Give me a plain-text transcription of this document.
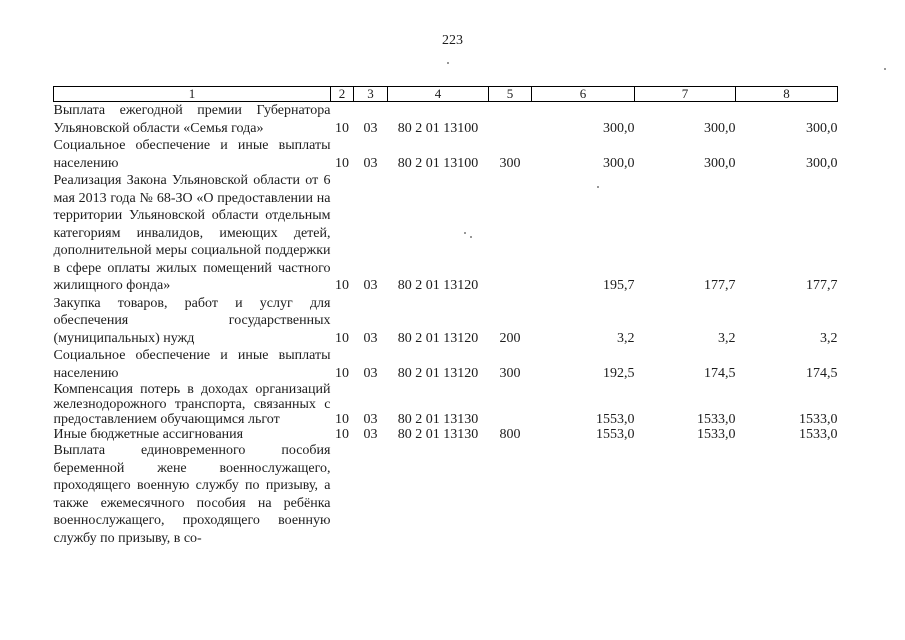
223
1	2	3	4	5	6	7	8
Выплата ежегодной премии Губернатора Ульяновской области «Семья года»	10	03	80 2 01 13100		300,0	300,0	300,0
Социальное обеспечение и иные выплаты населению	10	03	80 2 01 13100	300	300,0	300,0	300,0
Реализация Закона Ульяновской области от 6 мая 2013 года № 68-ЗО «О предоставлении на территории Ульяновской области отдельным категориям инвалидов, имеющих детей, дополнительной меры социальной поддержки в сфере оплаты жилых помещений частного жилищного фонда»	10	03	80 2 01 13120		195,7	177,7	177,7
Закупка товаров, работ и услуг для обеспечения государственных (муниципальных) нужд	10	03	80 2 01 13120	200	3,2	3,2	3,2
Социальное обеспечение и иные выплаты населению	10	03	80 2 01 13120	300	192,5	174,5	174,5
Компенсация потерь в доходах организаций железнодорожного транспорта, связанных с предоставлением обучающимся льгот	10	03	80 2 01 13130		1553,0	1533,0	1533,0
Иные бюджетные ассигнования	10	03	80 2 01 13130	800	1553,0	1533,0	1533,0
Выплата единовременного пособия беременной жене военнослужащего, проходящего военную службу по призыву, а также ежемесячного пособия на ребёнка военнослужащего, проходящего военную службу по призыву, в со-							
